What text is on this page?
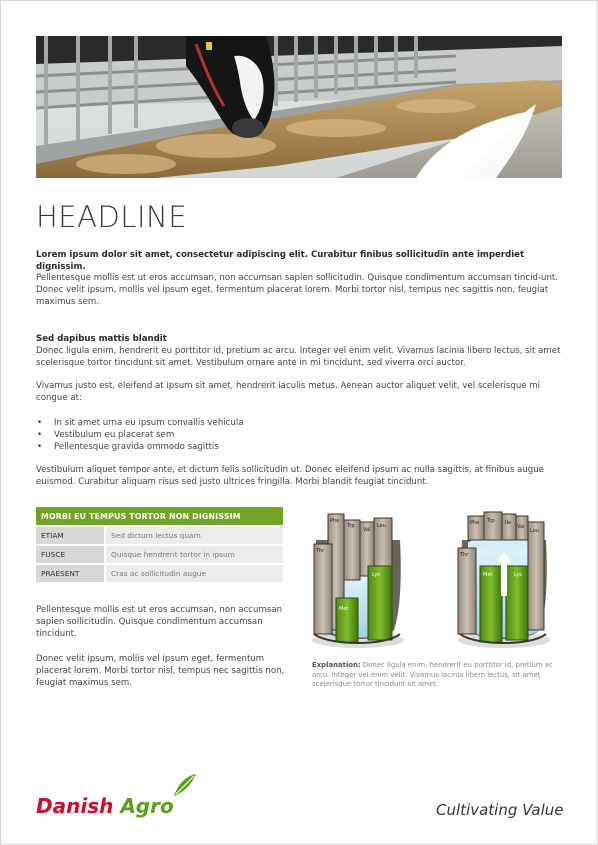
HEADLINE

Lorem ipsum dolor sit amet, consectetur adipiscing elit. Curabitur finibus sollicitudin ante imperdiet dignissim.

Pellentesque mollis est ut eros accumsan, non accumsan sapien sollicitudin. Quisque condimentum accumsan tincid-unt. Donec velit ipsum, mollis vel ipsum eget, fermentum placerat lorem. Morbi tortor nisl, tempus nec sagittis non, feugiat maximus sem.

Sed dapibus mattis blandit
Donec ligula enim, hendrerit eu porttitor id, pretium ac arcu. Integer vel enim velit. Vivamus lacinia libero lectus, sit amet scelerisque tortor tincidunt sit amet. Vestibulum ornare ante in mi tincidunt, sed viverra orci auctor.

Vivamus justo est, eleifend at ipsum sit amet, hendrerit iaculis metus. Aenean auctor aliquet velit, vel scelerisque mi congue at:

• In sit amet urna eu ipsum convallis vehicula
• Vestibulum eu placerat sem
• Pellentesque gravida ommodo sagittis

Vestibulum aliquet tempor ante, et dictum felis sollicitudin ut. Donec eleifend ipsum ac nulla sagittis, at finibus augue euismod. Curabitur aliquam risus sed justo ultrices fringilla. Morbi blandit feugiat tincidunt.

MORBI EU TEMPUS TORTOR NON DIGNISSIM	
ETIAM	Sed dictum lectus quam
FUSCE	Quisque hendrerit tortor in ipsum
PRAESENT	Cras ac sollicitudin augue

Pellentesque mollis est ut eros accumsan, non accumsan sapien sollicitudin. Quisque condimentum accumsan tincidunt.

Donec velit ipsum, mollis vel ipsum eget, fermentum placerat lorem. Morbi tortor nisl, tempus nec sagittis non, feugiat maximus sem.

Phe
Trp
Val
Leu
Thr
Met
Lys
Phe Trp Ile
Val
Leu
Thr
Met	Lys

Explanation: Donec ligula enim, hendrerit eu porttitor id, pretium ac arcu. Integer vel enim velit. Vivamus lacinia libero lectus, sit amet scelerisque tortor tincidunt sit amet.

Danish Agro	Cultivating Value
